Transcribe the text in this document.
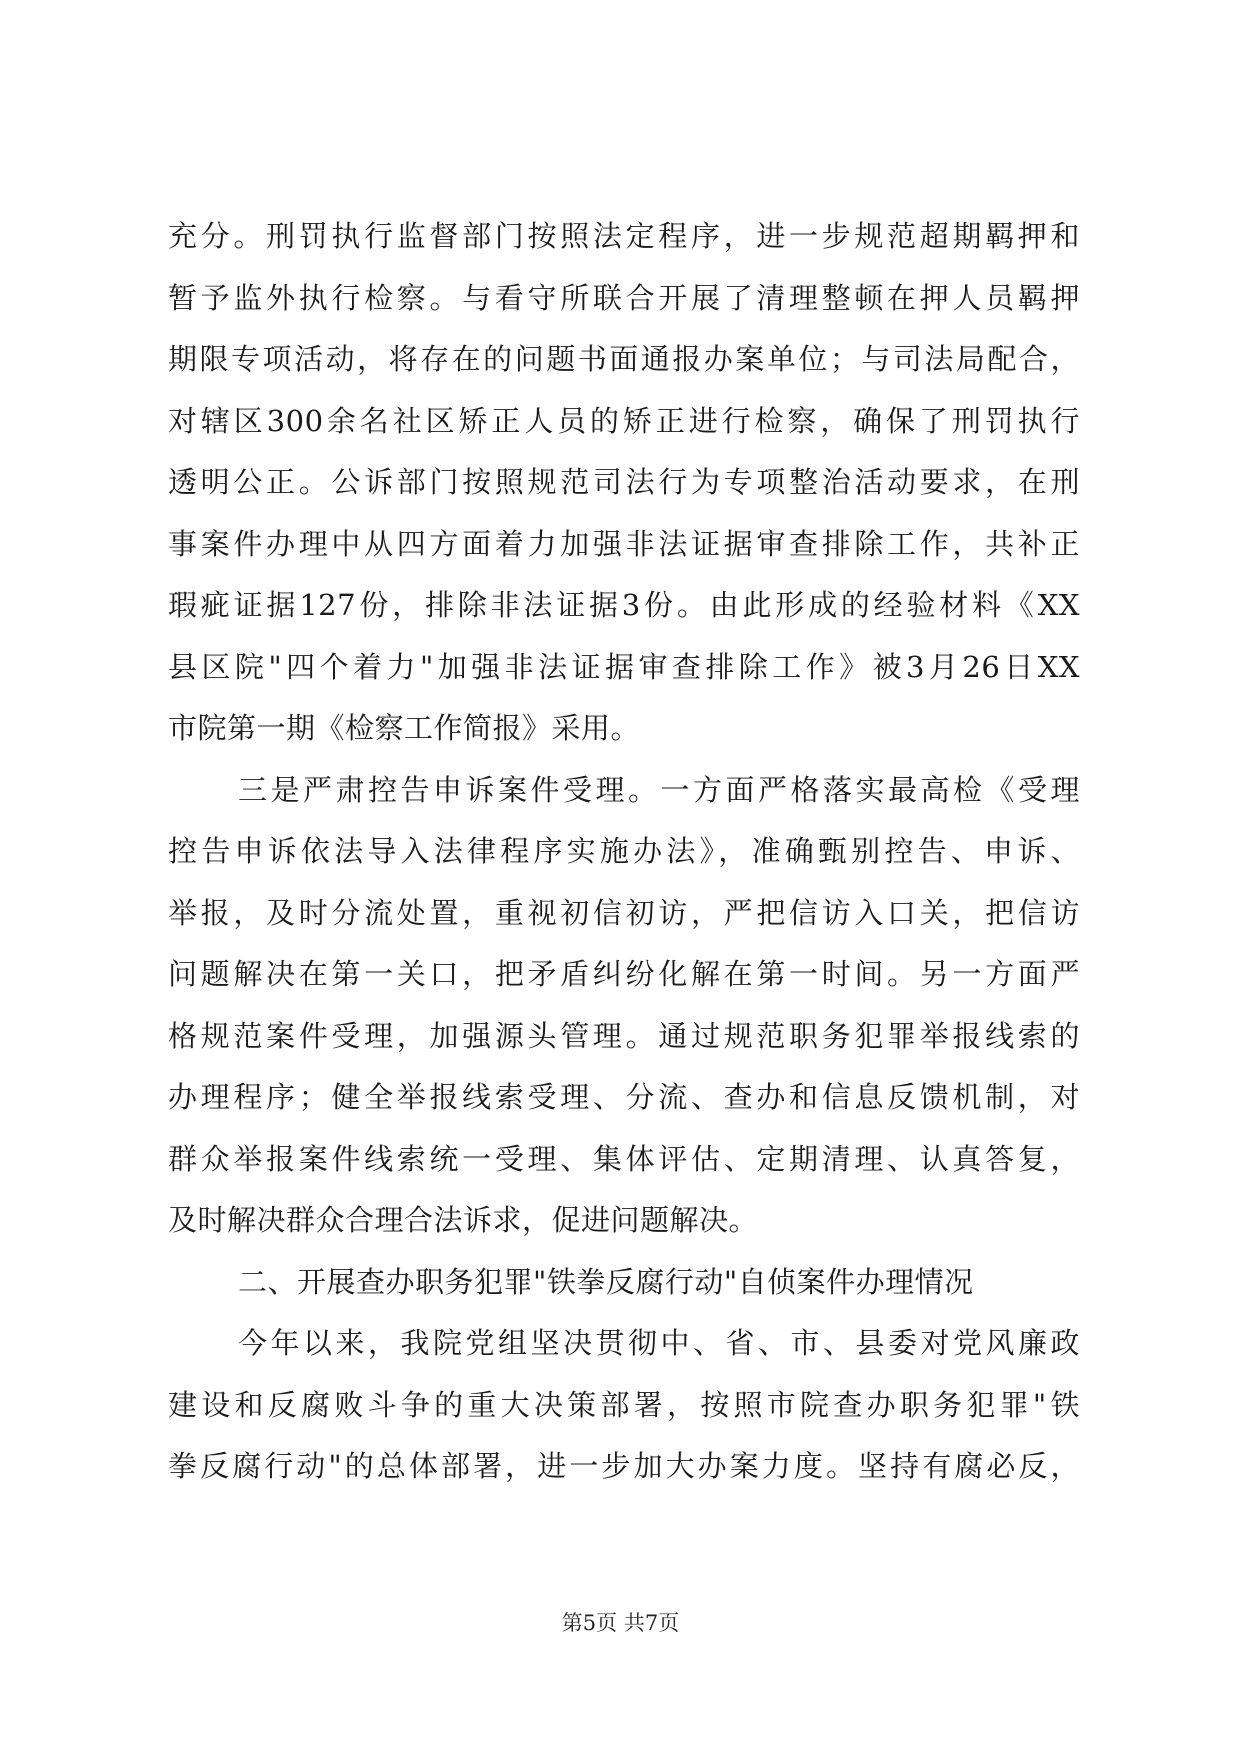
充分。刑罚执行监督部门按照法定程序，进一步规范超期羁押和
暂予监外执行检察。与看守所联合开展了清理整顿在押人员羁押
期限专项活动，将存在的问题书面通报办案单位；与司法局配合，
对辖区300余名社区矫正人员的矫正进行检察，确保了刑罚执行
透明公正。公诉部门按照规范司法行为专项整治活动要求，在刑
事案件办理中从四方面着力加强非法证据审查排除工作，共补正
瑕疵证据127份，排除非法证据3份。由此形成的经验材料《XX
县区院"四个着力"加强非法证据审查排除工作》被3月26日XX
市院第一期《检察工作简报》采用。
三是严肃控告申诉案件受理。一方面严格落实最高检《受理
控告申诉依法导入法律程序实施办法》，准确甄别控告、申诉、
举报，及时分流处置，重视初信初访，严把信访入口关，把信访
问题解决在第一关口，把矛盾纠纷化解在第一时间。另一方面严
格规范案件受理，加强源头管理。通过规范职务犯罪举报线索的
办理程序；健全举报线索受理、分流、查办和信息反馈机制，对
群众举报案件线索统一受理、集体评估、定期清理、认真答复，
及时解决群众合理合法诉求，促进问题解决。
二、开展查办职务犯罪"铁拳反腐行动"自侦案件办理情况
今年以来，我院党组坚决贯彻中、省、市、县委对党风廉政
建设和反腐败斗争的重大决策部署，按照市院查办职务犯罪"铁
拳反腐行动"的总体部署，进一步加大办案力度。坚持有腐必反，
第5页 共7页
